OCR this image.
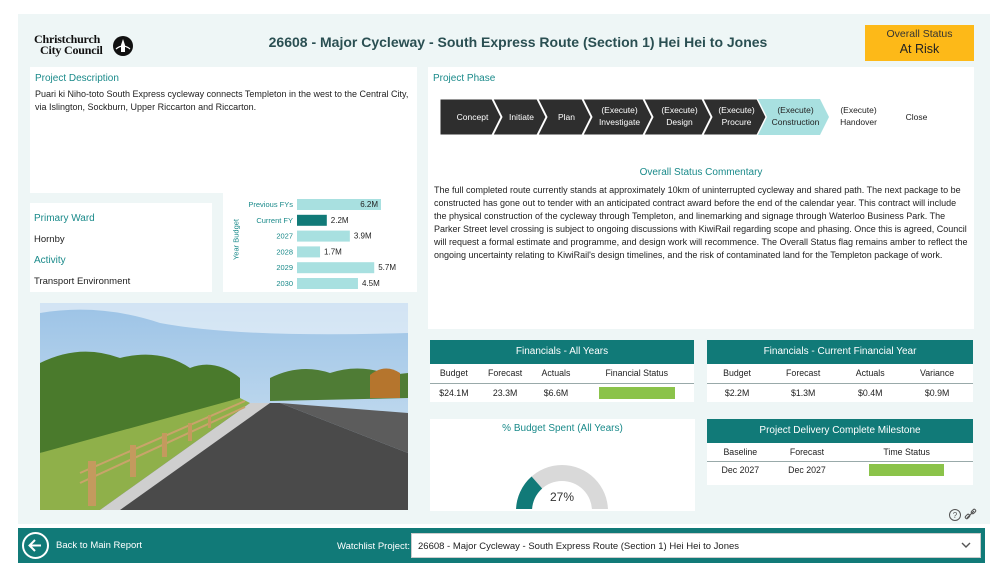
Christchurch
City Council	26608 - Major Cycleway - South Express Route (Section 1) Hei Hei to Jones	Overall Status
At Risk
Project Description

Puari ki Niho-toto South Express cycleway connects Templeton in the west to the Central City, via Islington, Sockburn, Upper Riccarton and Riccarton.

Primary Ward
Hornby
Activity
Transport Environment
Year Budget
Previous FYs	6.2M
Current FY	2.2M
2027	3.9M
2028	1.7M
2029	5.7M
2030	4.5M
Project Phase
Concept Initiate	Plan
(Execute)
Investigate
(Execute)
Design
(Execute)
Procure
(Execute)
Construction
(Execute)
Handover	Close
Overall Status Commentary

The full completed route currently stands at approximately 10km of uninterrupted cycleway and shared path. The next package to be constructed has gone out to tender with an anticipated contract award before the end of the calendar year. This contract will include the physical construction of the cycleway through Templeton, and linemarking and signage through Waterloo Business Park. The Parker Street level crossing is subject to ongoing discussions with KiwiRail regarding scope and phasing. Once this is agreed, Council will request a formal estimate and programme, and design work will recommence. The Overall Status flag remains amber to reflect the ongoing uncertainty relating to KiwiRail's design timelines, and the risk of contaminated land for the Templeton package of work.

Financials - All Years
Budget	Forecast	Actuals	Financial Status
$24.1M	23.3M	$6.6M	
Financials - Current Financial Year
Budget	Forecast	Actuals	Variance
$2.2M	$1.3M	$0.4M	$0.9M
% Budget Spent (All Years)
27%
Project Delivery Complete Milestone
Baseline	Forecast	Time Status
Dec 2027	Dec 2027	
?
Back to Main Report	Watchlist Project: 26608 - Major Cycleway - South Express Route (Section 1) Hei Hei to Jones
